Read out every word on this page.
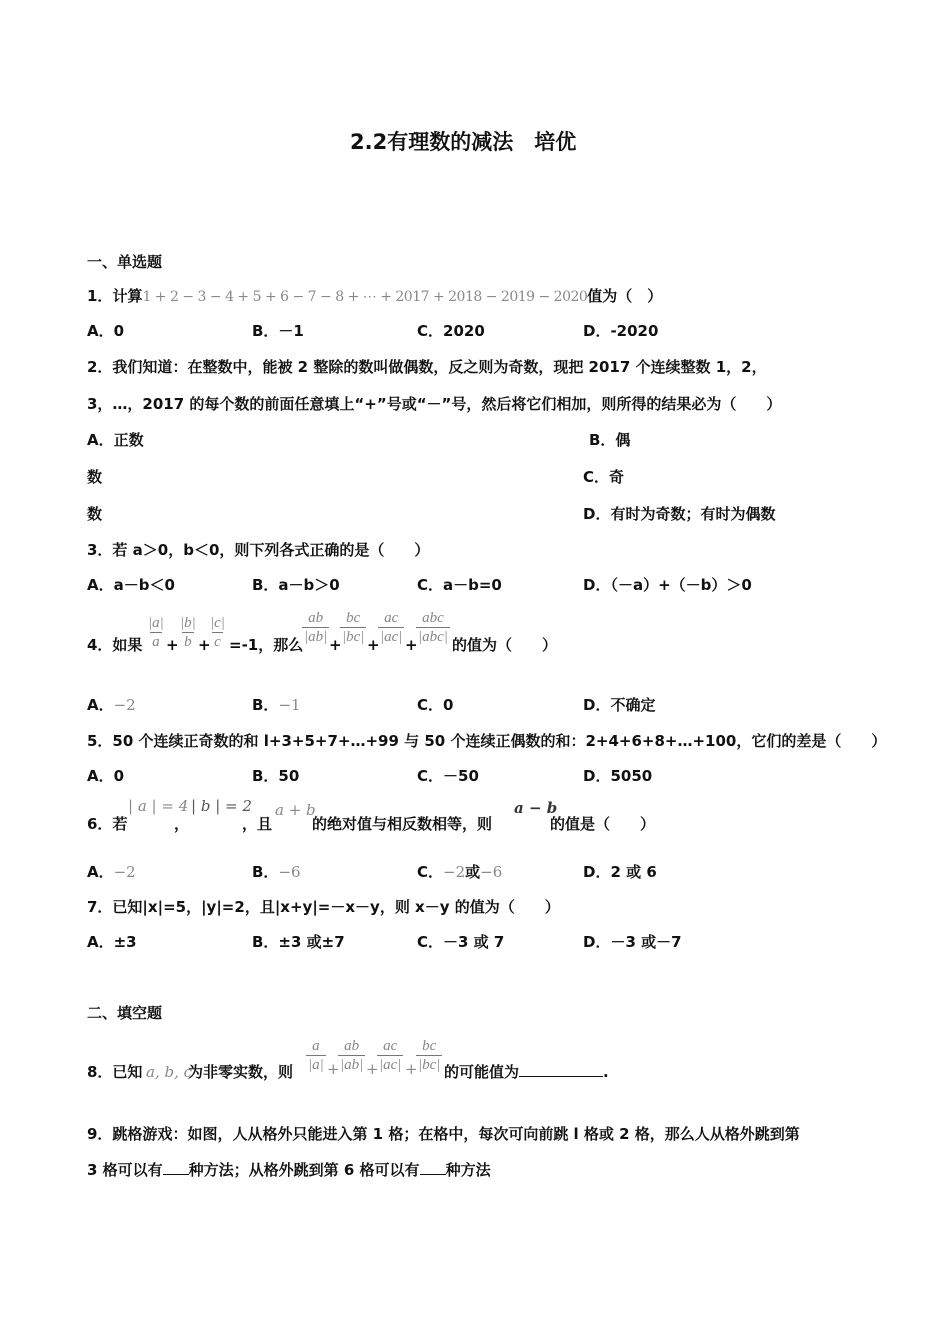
2.2有理数的减法　培优
一、单选题
1．计算1 + 2 − 3 − 4 + 5 + 6 − 7 − 8 + ⋯ + 2017 + 2018 − 2019 − 2020值为（　）
A．0	B．－1	C．2020	D．-2020
2．我们知道：在整数中，能被 2 整除的数叫做偶数，反之则为奇数，现把 2017 个连续整数 1，2，
3，…，2017 的每个数的前面任意填上“+”号或“－”号，然后将它们相加，则所得的结果必为（　　）
A．正数	B．偶
数	C．奇
数	D．有时为奇数；有时为偶数
3．若 a＞0，b＜0，则下列各式正确的是（　　）
A．a－b＜0	B．a－b＞0	C．a－b=0	D．（－a）+（－b）＞0
4．如果 $\frac{|a|}{a} + \frac{|b|}{b}$ +
$\frac{|c|}{c} =-1$，那么
$\frac{ab}{|ab|}$ +
$\frac{bc}{|bc|}$ +
$\frac{ac}{|ac|}$ +
abc
|abc| 的值为（　　）
A．−2	B．−1	C．0	D．不确定
5．50 个连续正奇数的和 l+3+5+7+…+99 与 50 个连续正偶数的和：2+4+6+8+…+100，它们的差是（　　）
A．0	B．50	C．－50	D．5050
6．若
| a | = 4
，
| b | = 2
，且
a + b
的绝对值与相反数相等，则
a − b
的值是（　　）
A．−2	B．−6	C．−2或−6	D．2 或 6
7．已知|x|=5，|y|=2，且|x+y|=－x－y，则 x－y 的值为（　　）
A．±3	B．±3 或±7	C．－3 或 7	D．－3 或－7
二、填空题
8．已知 a, b, c
为非零实数，则 $\frac{a}{|a|}$ +
$\frac{ab}{|ab|}$ +
$\frac{ac}{|ac|}$ +
$\frac{bc}{|bc|}$ 的可能值为	.
9．跳格游戏：如图，人从格外只能进入第 1 格；在格中，每次可向前跳 l 格或 2 格，那么人从格外跳到第
3 格可以有 种方法；从格外跳到第 6 格可以有 种方法
